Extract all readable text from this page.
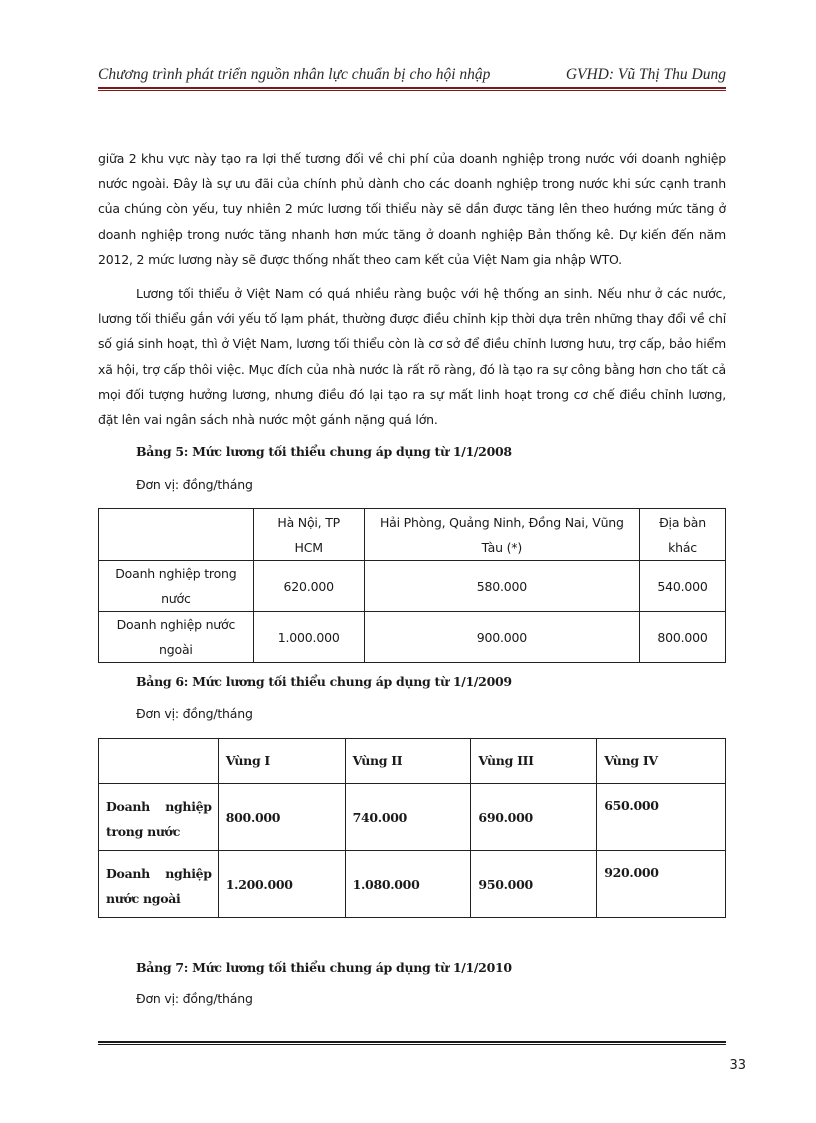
Chương trình phát triển nguồn nhân lực chuẩn bị cho hội nhập	GVHD: Vũ Thị Thu Dung

giữa 2 khu vực này tạo ra lợi thế tương đối về chi phí của doanh nghiệp trong nước với doanh nghiệp nước ngoài. Đây là sự ưu đãi của chính phủ dành cho các doanh nghiệp trong nước khi sức cạnh tranh của chúng còn yếu, tuy nhiên 2 mức lương tối thiểu này sẽ dần được tăng lên theo hướng mức tăng ở doanh nghiệp trong nước tăng nhanh hơn mức tăng ở doanh nghiệp Bản thống kê. Dự kiến đến năm 2012, 2 mức lương này sẽ được thống nhất theo cam kết của Việt Nam gia nhập WTO.

Lương tối thiểu ở Việt Nam có quá nhiều ràng buộc với hệ thống an sinh. Nếu như ở các nước, lương tối thiểu gắn với yếu tố lạm phát, thường được điều chỉnh kịp thời dựa trên những thay đổi về chỉ số giá sinh hoạt, thì ở Việt Nam, lương tối thiểu còn là cơ sở để điều chỉnh lương hưu, trợ cấp, bảo hiểm xã hội, trợ cấp thôi việc. Mục đích của nhà nước là rất rõ ràng, đó là tạo ra sự công bằng hơn cho tất cả mọi đối tượng hưởng lương, nhưng điều đó lại tạo ra sự mất linh hoạt trong cơ chế điều chỉnh lương, đặt lên vai ngân sách nhà nước một gánh nặng quá lớn.

Bảng 5: Mức lương tối thiểu chung áp dụng từ 1/1/2008
Đơn vị: đồng/tháng
	Hà Nội, TP HCM	Hải Phòng, Quảng Ninh, Đồng Nai, Vũng Tàu (*)	Địa bàn khác
Doanh nghiệp trong nước	620.000	580.000	540.000
Doanh nghiệp nước ngoài	1.000.000	900.000	800.000
Bảng 6: Mức lương tối thiểu chung áp dụng từ 1/1/2009
Đơn vị: đồng/tháng
	Vùng I	Vùng II	Vùng III	Vùng IV
Doanh nghiệp trong nước	800.000	740.000	690.000	650.000
Doanh nghiệp nước ngoài	1.200.000	1.080.000	950.000	920.000
Bảng 7: Mức lương tối thiểu chung áp dụng từ 1/1/2010
Đơn vị: đồng/tháng
33
